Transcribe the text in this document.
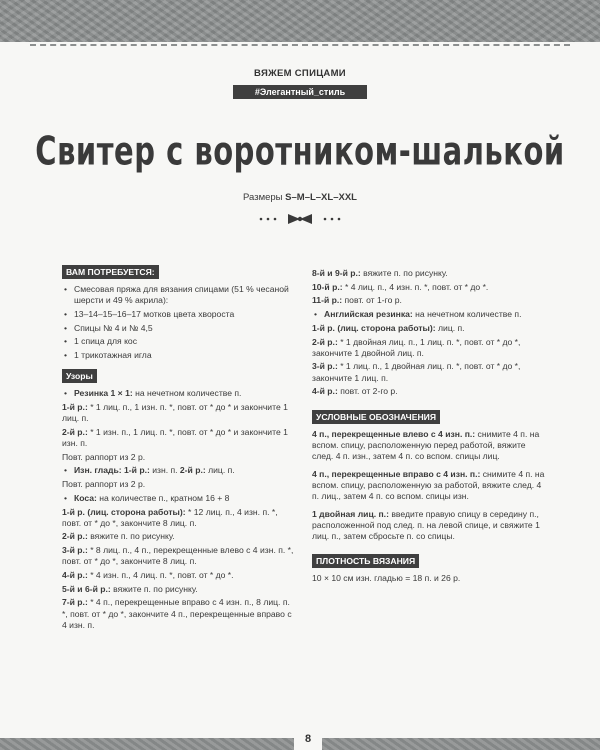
ВЯЖЕМ СПИЦАМИ
#Элегантный_стиль
Свитер с воротником-шалькой
Размеры S–M–L–XL–XXL
ВАМ ПОТРЕБУЕТСЯ:
• Смесовая пряжа для вязания спицами (51 % чесаной шерсти и 49 % акрила):
• 13–14–15–16–17 мотков цвета хворостa
• Спицы № 4 и № 4,5
• 1 спица для кос
• 1 трикотажная игла
Узоры
• Резинка 1 × 1: на нечетном количестве п.
1-й р.: * 1 лиц. п., 1 изн. п. *, повт. от * до * и закончите 1 лиц. п.
2-й р.: * 1 изн. п., 1 лиц. п. *, повт. от * до * и закончите 1 изн. п.
Повт. раппорт из 2 р.
• Изн. гладь: 1-й р.: изн. п. 2-й р.: лиц. п.
Повт. раппорт из 2 р.
• Коса: на количестве п., кратном 16 + 8
1-й р. (лиц. сторона работы): * 12 лиц. п., 4 изн. п. *, повт. от * до *, закончите 8 лиц. п.
2-й р.: вяжите п. по рисунку.
3-й р.: * 8 лиц. п., 4 п., перекрещенные влево с 4 изн. п. *, повт. от * до *, закончите 8 лиц. п.
4-й р.: * 4 изн. п., 4 лиц. п. *, повт. от * до *.
5-й и 6-й р.: вяжите п. по рисунку.
7-й р.: * 4 п., перекрещенные вправо с 4 изн. п., 8 лиц. п. *, повт. от * до *, закончите 4 п., перекрещенные вправо с 4 изн. п.
8-й и 9-й р.: вяжите п. по рисунку.
10-й р.: * 4 лиц. п., 4 изн. п. *, повт. от * до *.
11-й р.: повт. от 1-го р.
• Английская резинка: на нечетном количестве п.
1-й р. (лиц. сторона работы): лиц. п.
2-й р.: * 1 двойная лиц. п., 1 лиц. п. *, повт. от * до *, закончите 1 двойной лиц. п.
3-й р.: * 1 лиц. п., 1 двойная лиц. п. *, повт. от * до *, закончите 1 лиц. п.
4-й р.: повт. от 2-го р.
УСЛОВНЫЕ ОБОЗНАЧЕНИЯ
4 п., перекрещенные влево с 4 изн. п.: снимите 4 п. на вспом. спицу, расположенную перед работой, вяжите след. 4 п. изн., затем 4 п. со вспом. спицы лиц.
4 п., перекрещенные вправо с 4 изн. п.: снимите 4 п. на вспом. спицу, расположенную за работой, вяжите след. 4 п. лиц., затем 4 п. со вспом. спицы изн.
1 двойная лиц. п.: введите правую спицу в середину п., расположенной под след. п. на левой спице, и свяжите 1 лиц. п., затем сбросьте п. со спицы.
ПЛОТНОСТЬ ВЯЗАНИЯ
10 × 10 см изн. гладью = 18 п. и 26 р.
8
